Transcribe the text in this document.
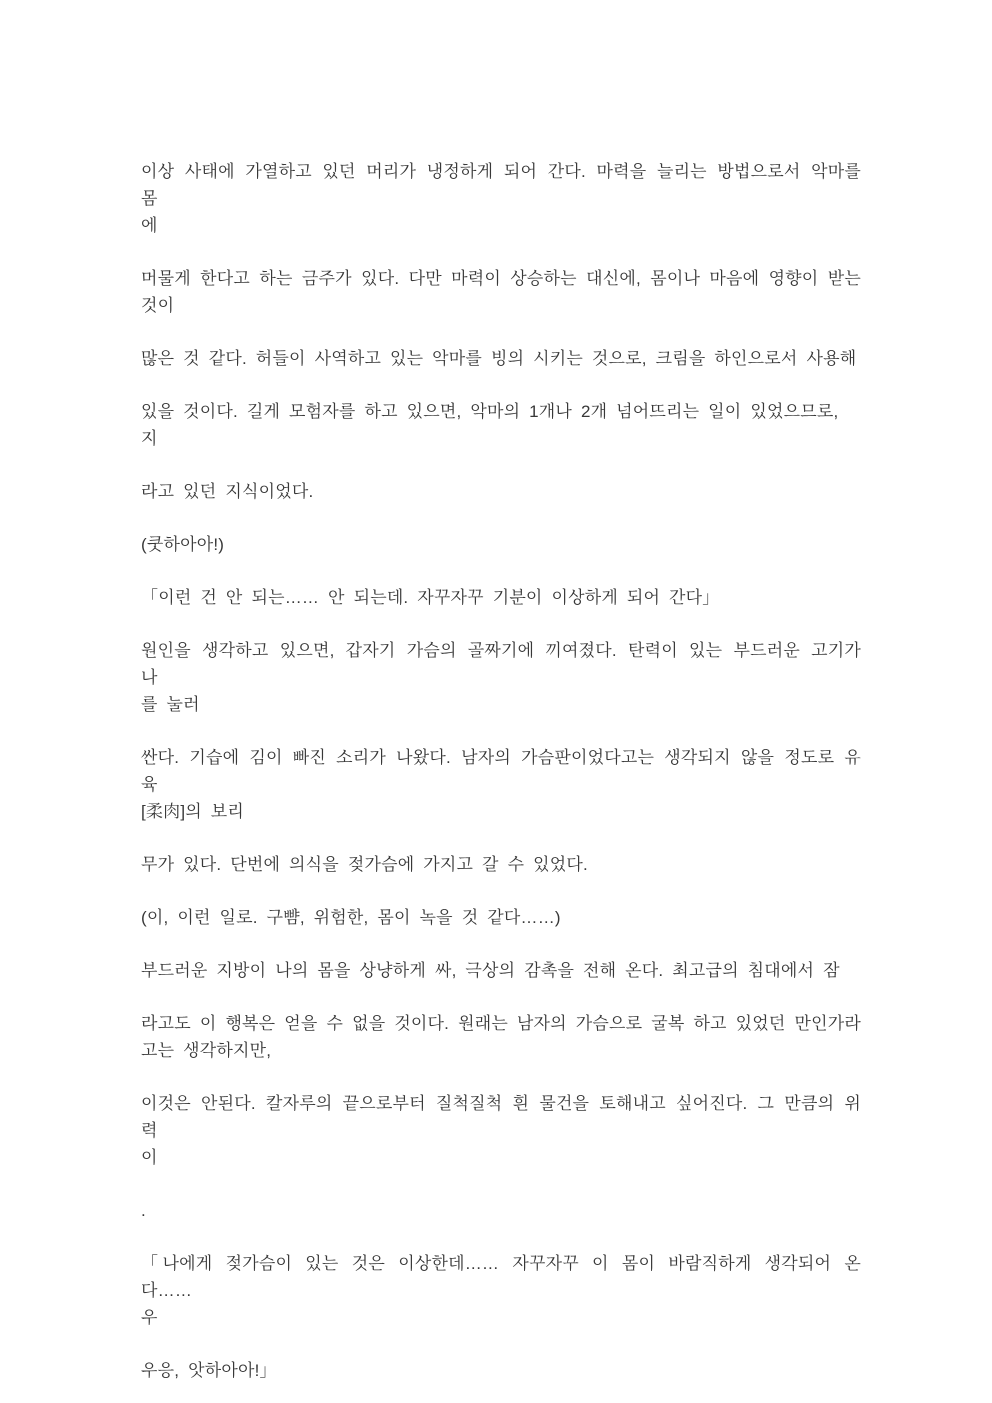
이상 사태에 가열하고 있던 머리가 냉정하게 되어 간다. 마력을 늘리는 방법으로서 악마를 몸
에

머물게 한다고 하는 금주가 있다. 다만 마력이 상승하는 대신에, 몸이나 마음에 영향이 받는
것이

많은 것 같다. 허들이 사역하고 있는 악마를 빙의 시키는 것으로, 크림을 하인으로서 사용해

있을 것이다. 길게 모험자를 하고 있으면, 악마의 1개나 2개 넘어뜨리는 일이 있었으므로, 지

라고 있던 지식이었다.

(쿳하아아!)

「이런 건 안 되는…… 안 되는데. 자꾸자꾸 기분이 이상하게 되어 간다」

원인을 생각하고 있으면, 갑자기 가슴의 골짜기에 끼여졌다. 탄력이 있는 부드러운 고기가 나
를 눌러

싼다. 기습에 김이 빠진 소리가 나왔다. 남자의 가슴판이었다고는 생각되지 않을 정도로 유육
[柔肉]의 보리

무가 있다. 단번에 의식을 젖가슴에 가지고 갈 수 있었다.

(이, 이런 일로. 구뺨, 위험한, 몸이 녹을 것 같다……)

부드러운 지방이 나의 몸을 상냥하게 싸, 극상의 감촉을 전해 온다. 최고급의 침대에서 잠

라고도 이 행복은 얻을 수 없을 것이다. 원래는 남자의 가슴으로 굴복 하고 있었던 만인가라
고는 생각하지만,

이것은 안된다. 칼자루의 끝으로부터 질척질척 흰 물건을 토해내고 싶어진다. 그 만큼의 위력
이

.

「나에게 젖가슴이 있는 것은 이상한데…… 자꾸자꾸 이 몸이 바람직하게 생각되어 온다……
우

우응, 앗하아아!」
